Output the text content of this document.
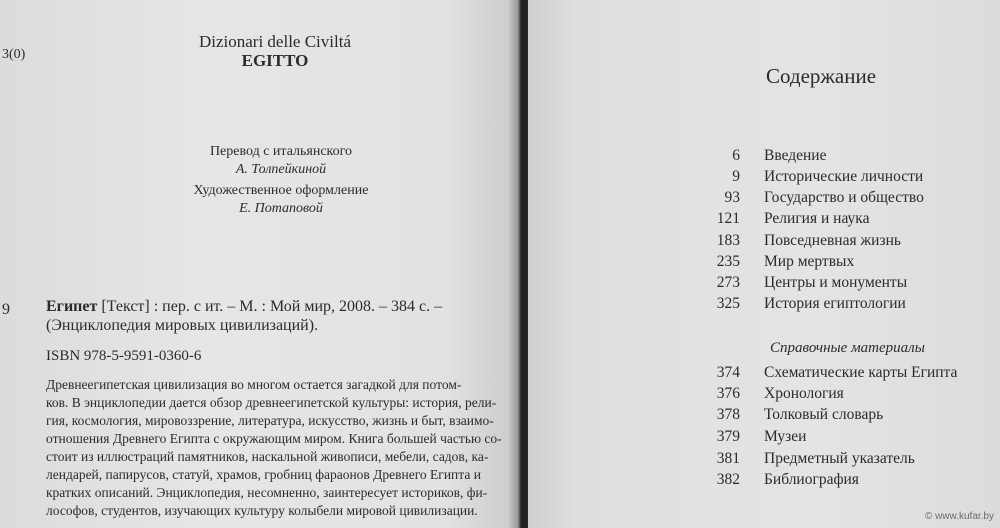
3(0)
Dizionari delle Civiltá
EGITTO
Перевод с итальянского
А. Толпейкиной
Художественное оформление
Е. Потаповой
9 Египет [Текст] : пер. с ит. – М. : Мой мир, 2008. – 384 с. –
(Энциклопедия мировых цивилизаций).
ISBN 978-5-9591-0360-6
Древнеегипетская цивилизация во многом остается загадкой для потом-
ков. В энциклопедии дается обзор древнеегипетской культуры: история, рели-
гия, космология, мировоззрение, литература, искусство, жизнь и быт, взаимо-
отношения Древнего Египта с окружающим миром. Книга большей частью со-
стоит из иллюстраций памятников, наскальной живописи, мебели, садов, ка-
лендарей, папирусов, статуй, храмов, гробниц фараонов Древнего Египта и
кратких описаний. Энциклопедия, несомненно, заинтересует историков, фи-
лософов, студентов, изучающих культуру колыбели мировой цивилизации.
Содержание
6 Введение
9 Исторические личности
93 Государство и общество
121 Религия и наука
183 Повседневная жизнь
235 Мир мертвых
273 Центры и монументы
325 История египтологии
Справочные материалы
374 Схематические карты Египта
376 Хронология
378 Толковый словарь
379 Музеи
381 Предметный указатель
382 Библиография
© www.kufar.by
